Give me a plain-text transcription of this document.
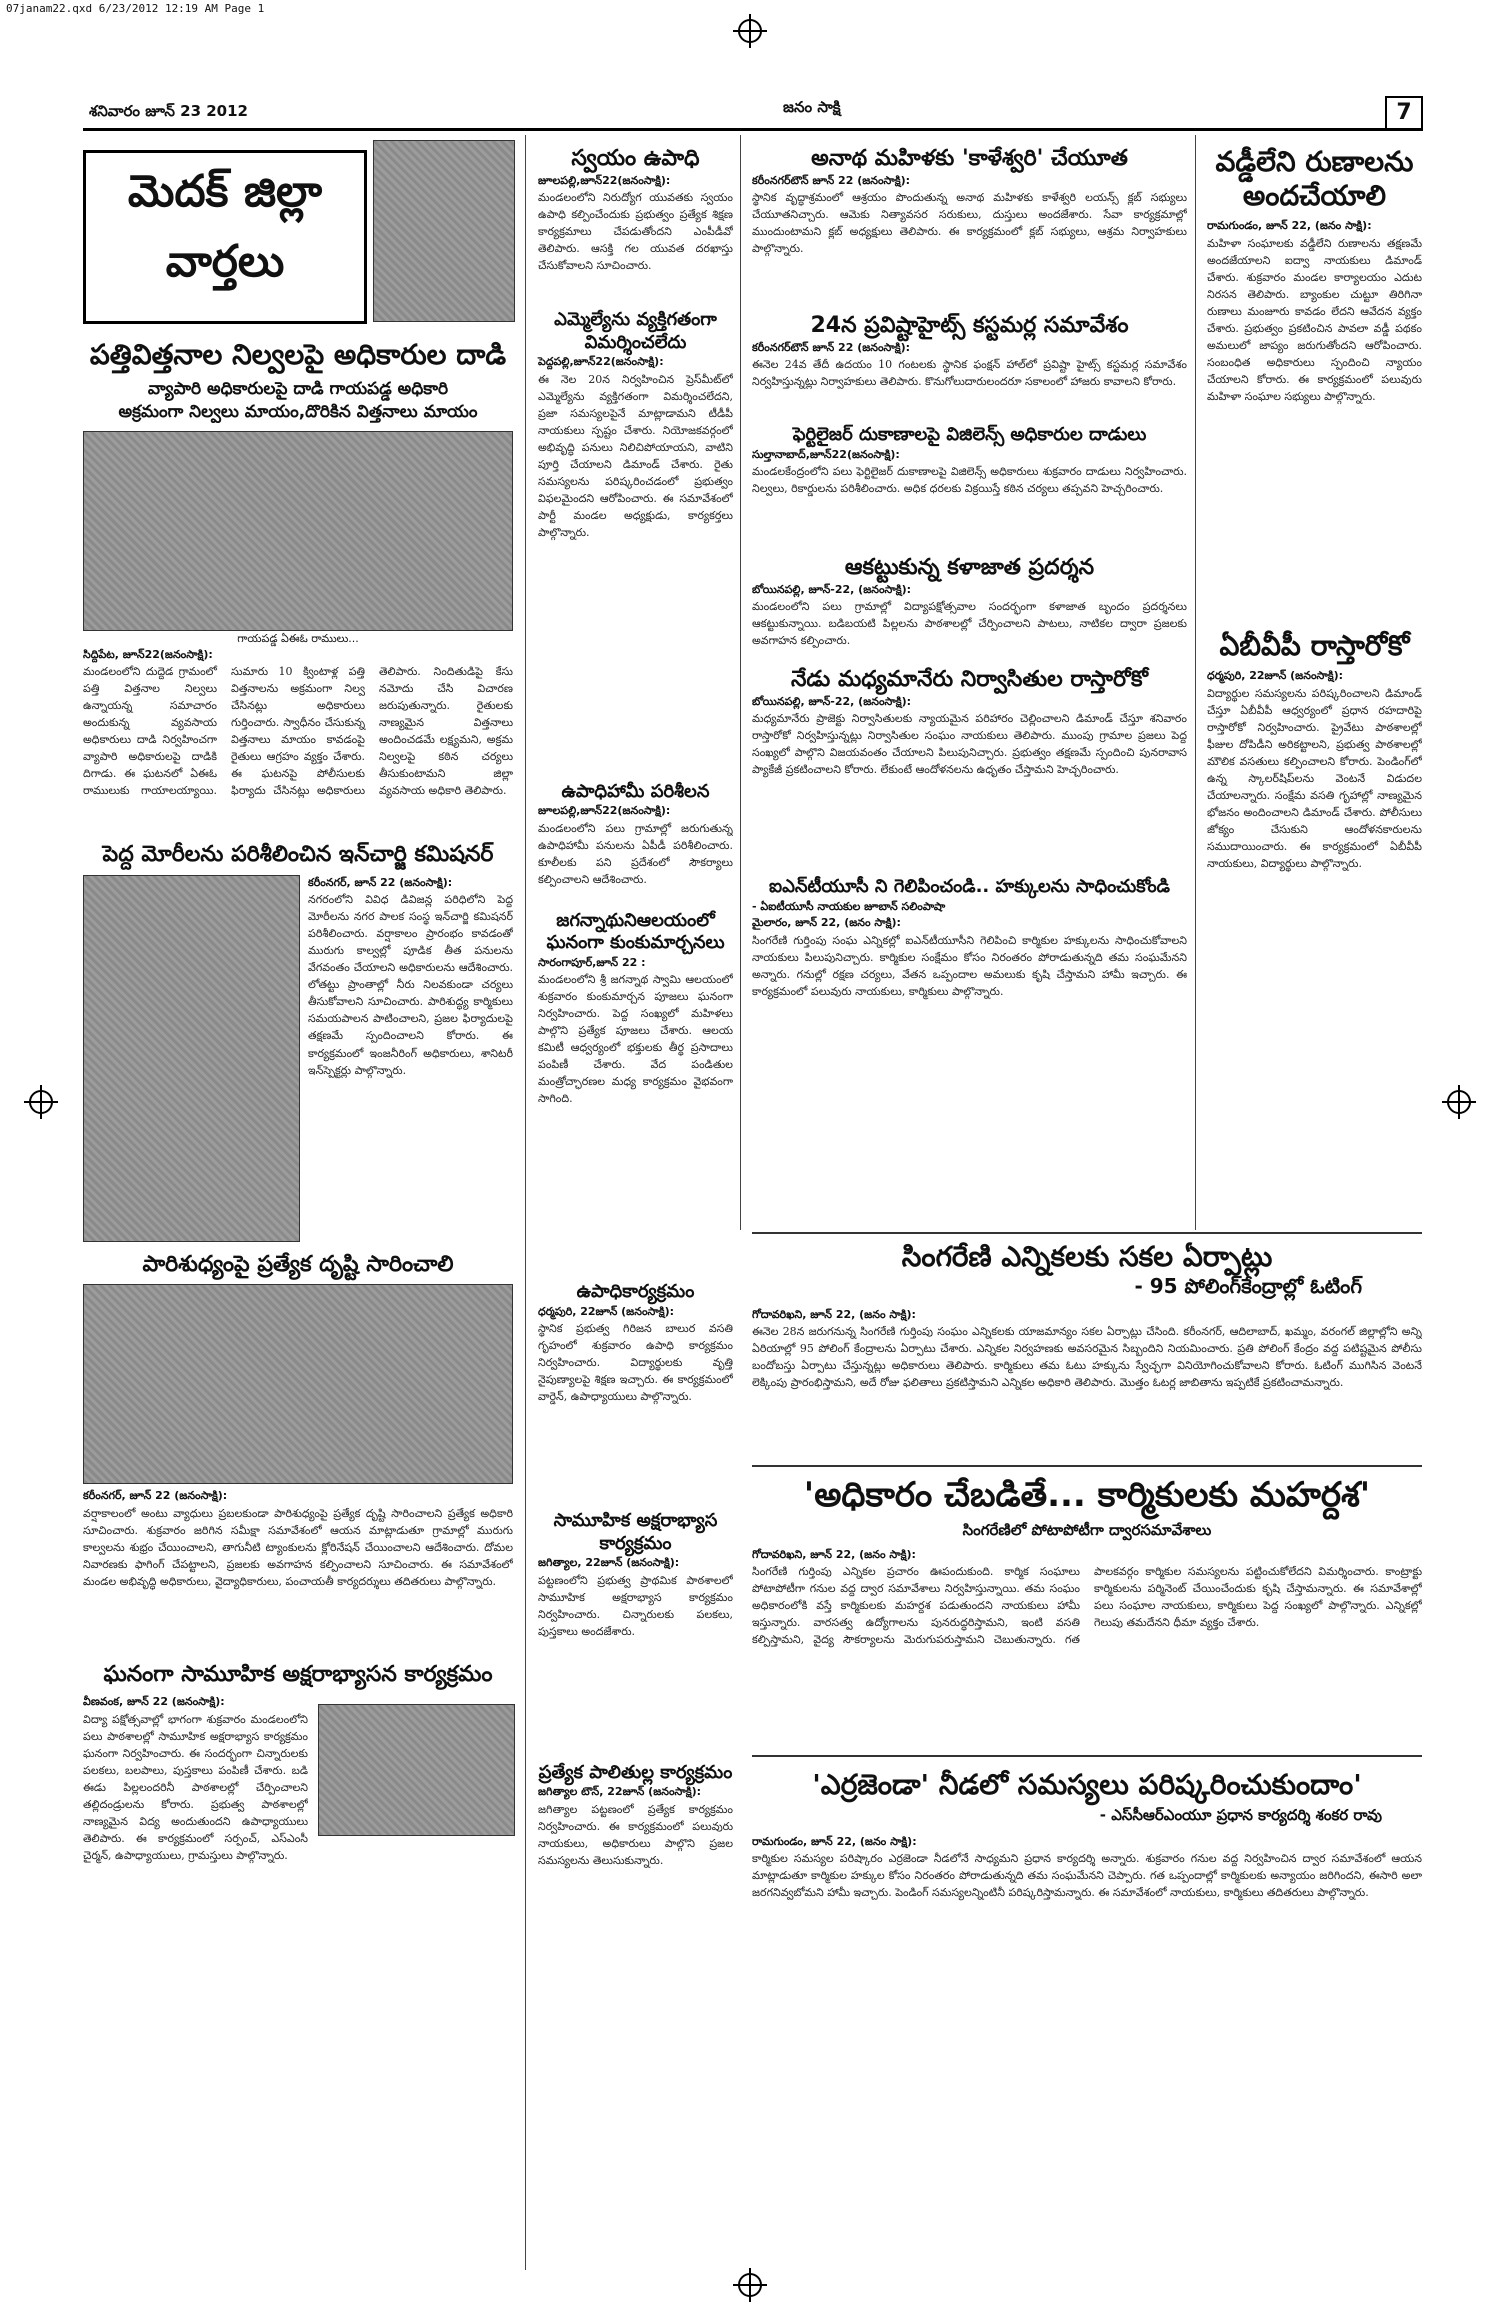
07janam22.qxd 6/23/2012 12:19 AM Page 1
శనివారం జూన్ 23 2012	జనం సాక్షి	7
మెదక్ జిల్లా వార్తలు
పత్తివిత్తనాల నిల్వలపై అధికారుల దాడి
వ్యాపారి అధికారులపై దాడి గాయపడ్డ అధికారి
అక్రమంగా నిల్వలు మాయం,దొరికిన విత్తనాలు మాయం
గాయపడ్డ ఏఈఓ రాములు...
సిద్దిపేట, జూన్22(జనంసాక్షి):
మండలంలోని దుద్దెడ గ్రామంలో పత్తి విత్తనాల నిల్వలు ఉన్నాయన్న సమాచారం అందుకున్న వ్యవసాయ అధికారులు దాడి నిర్వహించగా వ్యాపారి అధికారులపై దాడికి దిగాడు. ఈ ఘటనలో ఏఈఓ రాములుకు గాయాలయ్యాయి. సుమారు 10 క్వింటాళ్ల పత్తి విత్తనాలను అక్రమంగా నిల్వ చేసినట్లు అధికారులు గుర్తించారు. స్వాధీనం చేసుకున్న విత్తనాలు మాయం కావడంపై రైతులు ఆగ్రహం వ్యక్తం చేశారు. ఈ ఘటనపై పోలీసులకు ఫిర్యాదు చేసినట్లు అధికారులు తెలిపారు. నిందితుడిపై కేసు నమోదు చేసి విచారణ జరుపుతున్నారు. రైతులకు నాణ్యమైన విత్తనాలు అందించడమే లక్ష్యమని, అక్రమ నిల్వలపై కఠిన చర్యలు తీసుకుంటామని జిల్లా వ్యవసాయ అధికారి తెలిపారు.
పెద్ద మోరీలను పరిశీలించిన ఇన్‌చార్జి కమిషనర్
కరీంనగర్, జూన్ 22 (జనంసాక్షి):
నగరంలోని వివిధ డివిజన్ల పరిధిలోని పెద్ద మోరీలను నగర పాలక సంస్థ ఇన్‌చార్జి కమిషనర్ పరిశీలించారు. వర్షాకాలం ప్రారంభం కావడంతో మురుగు కాల్వల్లో పూడిక తీత పనులను వేగవంతం చేయాలని అధికారులను ఆదేశించారు. లోతట్టు ప్రాంతాల్లో నీరు నిలవకుండా చర్యలు తీసుకోవాలని సూచించారు. పారిశుద్ధ్య కార్మికులు సమయపాలన పాటించాలని, ప్రజల ఫిర్యాదులపై తక్షణమే స్పందించాలని కోరారు. ఈ కార్యక్రమంలో ఇంజనీరింగ్ అధికారులు, శానిటరీ ఇన్‌స్పెక్టర్లు పాల్గొన్నారు.
పారిశుధ్యంపై ప్రత్యేక దృష్టి సారించాలి
కరీంనగర్, జూన్ 22 (జనంసాక్షి):
వర్షాకాలంలో అంటు వ్యాధులు ప్రబలకుండా పారిశుధ్యంపై ప్రత్యేక దృష్టి సారించాలని ప్రత్యేక అధికారి సూచించారు. శుక్రవారం జరిగిన సమీక్షా సమావేశంలో ఆయన మాట్లాడుతూ గ్రామాల్లో మురుగు కాల్వలను శుభ్రం చేయించాలని, తాగునీటి ట్యాంకులను క్లోరినేషన్ చేయించాలని ఆదేశించారు. దోమల నివారణకు ఫాగింగ్ చేపట్టాలని, ప్రజలకు అవగాహన కల్పించాలని సూచించారు. ఈ సమావేశంలో మండల అభివృద్ధి అధికారులు, వైద్యాధికారులు, పంచాయతీ కార్యదర్శులు తదితరులు పాల్గొన్నారు.
ఘనంగా సామూహిక అక్షరాభ్యాసన కార్యక్రమం
వీణవంక, జూన్ 22 (జనంసాక్షి):
విద్యా పక్షోత్సవాల్లో భాగంగా శుక్రవారం మండలంలోని పలు పాఠశాలల్లో సామూహిక అక్షరాభ్యాస కార్యక్రమం ఘనంగా నిర్వహించారు. ఈ సందర్భంగా చిన్నారులకు పలకలు, బలపాలు, పుస్తకాలు పంపిణీ చేశారు. బడి ఈడు పిల్లలందరినీ పాఠశాలల్లో చేర్పించాలని తల్లిదండ్రులను కోరారు. ప్రభుత్వ పాఠశాలల్లో నాణ్యమైన విద్య అందుతుందని ఉపాధ్యాయులు తెలిపారు. ఈ కార్యక్రమంలో సర్పంచ్, ఎస్‌ఎంసీ చైర్మన్, ఉపాధ్యాయులు, గ్రామస్తులు పాల్గొన్నారు.
స్వయం ఉపాధి
జూలపల్లి,జూన్22(జనంసాక్షి):
మండలంలోని నిరుద్యోగ యువతకు స్వయం ఉపాధి కల్పించేందుకు ప్రభుత్వం ప్రత్యేక శిక్షణ కార్యక్రమాలు చేపడుతోందని ఎంపీడీవో తెలిపారు. ఆసక్తి గల యువత దరఖాస్తు చేసుకోవాలని సూచించారు.
ఎమ్మెల్యేను వ్యక్తిగతంగా విమర్శించలేదు
పెద్దపల్లి,జూన్22(జనంసాక్షి):
ఈ నెల 20న నిర్వహించిన ప్రెస్‌మీట్‌లో ఎమ్మెల్యేను వ్యక్తిగతంగా విమర్శించలేదని, ప్రజా సమస్యలపైనే మాట్లాడామని టీడీపీ నాయకులు స్పష్టం చేశారు. నియోజకవర్గంలో అభివృద్ధి పనులు నిలిచిపోయాయని, వాటిని పూర్తి చేయాలని డిమాండ్ చేశారు. రైతు సమస్యలను పరిష్కరించడంలో ప్రభుత్వం విఫలమైందని ఆరోపించారు. ఈ సమావేశంలో పార్టీ మండల అధ్యక్షుడు, కార్యకర్తలు పాల్గొన్నారు.
ఉపాధిహామీ పరిశీలన
జూలపల్లి,జూన్22(జనంసాక్షి):
మండలంలోని పలు గ్రామాల్లో జరుగుతున్న ఉపాధిహామీ పనులను ఏపీడీ పరిశీలించారు. కూలీలకు పని ప్రదేశంలో సౌకర్యాలు కల్పించాలని ఆదేశించారు.
జగన్నాథునిఆలయంలో ఘనంగా కుంకుమార్చనలు
సారంగాపూర్,జూన్ 22 :
మండలంలోని శ్రీ జగన్నాథ స్వామి ఆలయంలో శుక్రవారం కుంకుమార్చన పూజలు ఘనంగా నిర్వహించారు. పెద్ద సంఖ్యలో మహిళలు పాల్గొని ప్రత్యేక పూజలు చేశారు. ఆలయ కమిటీ ఆధ్వర్యంలో భక్తులకు తీర్థ ప్రసాదాలు పంపిణీ చేశారు. వేద పండితుల మంత్రోచ్ఛారణల మధ్య కార్యక్రమం వైభవంగా సాగింది.
ఉపాధికార్యక్రమం
ధర్మపురి, 22జూన్ (జనంసాక్షి):
స్థానిక ప్రభుత్వ గిరిజన బాలుర వసతి గృహంలో శుక్రవారం ఉపాధి కార్యక్రమం నిర్వహించారు. విద్యార్థులకు వృత్తి నైపుణ్యాలపై శిక్షణ ఇచ్చారు. ఈ కార్యక్రమంలో వార్డెన్, ఉపాధ్యాయులు పాల్గొన్నారు.
సామూహిక అక్షరాభ్యాస కార్యక్రమం
జగిత్యాల, 22జూన్ (జనంసాక్షి):
పట్టణంలోని ప్రభుత్వ ప్రాథమిక పాఠశాలలో సామూహిక అక్షరాభ్యాస కార్యక్రమం నిర్వహించారు. చిన్నారులకు పలకలు, పుస్తకాలు అందజేశారు.
ప్రత్యేక పాలితుల్ల కార్యక్రమం
జగిత్యాల టౌన్, 22జూన్ (జనంసాక్షి):
జగిత్యాల పట్టణంలో ప్రత్యేక కార్యక్రమం నిర్వహించారు. ఈ కార్యక్రమంలో పలువురు నాయకులు, అధికారులు పాల్గొని ప్రజల సమస్యలను తెలుసుకున్నారు.
అనాథ మహిళకు 'కాళేశ్వరి' చేయూత
కరీంనగర్‌టౌన్ జూన్ 22 (జనంసాక్షి):
స్థానిక వృద్ధాశ్రమంలో ఆశ్రయం పొందుతున్న అనాథ మహిళకు కాళేశ్వరి లయన్స్ క్లబ్ సభ్యులు చేయూతనిచ్చారు. ఆమెకు నిత్యావసర సరుకులు, దుస్తులు అందజేశారు. సేవా కార్యక్రమాల్లో ముందుంటామని క్లబ్ అధ్యక్షులు తెలిపారు. ఈ కార్యక్రమంలో క్లబ్ సభ్యులు, ఆశ్రమ నిర్వాహకులు పాల్గొన్నారు.
24న ప్రవిష్టాహైట్స్ కస్టమర్ల సమావేశం
కరీంనగర్‌టౌన్ జూన్ 22 (జనంసాక్షి):
ఈనెల 24వ తేదీ ఉదయం 10 గంటలకు స్థానిక ఫంక్షన్ హాల్‌లో ప్రవిష్టా హైట్స్ కస్టమర్ల సమావేశం నిర్వహిస్తున్నట్లు నిర్వాహకులు తెలిపారు. కొనుగోలుదారులందరూ సకాలంలో హాజరు కావాలని కోరారు.
ఫెర్టిలైజర్ దుకాణాలపై విజిలెన్స్ అధికారుల దాడులు
సుల్తానాబాద్,జూన్22(జనంసాక్షి):
మండలకేంద్రంలోని పలు ఫెర్టిలైజర్ దుకాణాలపై విజిలెన్స్ అధికారులు శుక్రవారం దాడులు నిర్వహించారు. నిల్వలు, రికార్డులను పరిశీలించారు. అధిక ధరలకు విక్రయిస్తే కఠిన చర్యలు తప్పవని హెచ్చరించారు.
ఆకట్టుకున్న కళాజాత ప్రదర్శన
బోయినపల్లి, జూన్-22, (జనంసాక్షి):
మండలంలోని పలు గ్రామాల్లో విద్యాపక్షోత్సవాల సందర్భంగా కళాజాత బృందం ప్రదర్శనలు ఆకట్టుకున్నాయి. బడిబయటి పిల్లలను పాఠశాలల్లో చేర్పించాలని పాటలు, నాటికల ద్వారా ప్రజలకు అవగాహన కల్పించారు.
నేడు మధ్యమానేరు నిర్వాసితుల రాస్తారోకో
బోయినపల్లి, జూన్-22, (జనంసాక్షి):
మధ్యమానేరు ప్రాజెక్టు నిర్వాసితులకు న్యాయమైన పరిహారం చెల్లించాలని డిమాండ్ చేస్తూ శనివారం రాస్తారోకో నిర్వహిస్తున్నట్లు నిర్వాసితుల సంఘం నాయకులు తెలిపారు. ముంపు గ్రామాల ప్రజలు పెద్ద సంఖ్యలో పాల్గొని విజయవంతం చేయాలని పిలుపునిచ్చారు. ప్రభుత్వం తక్షణమే స్పందించి పునరావాస ప్యాకేజీ ప్రకటించాలని కోరారు. లేకుంటే ఆందోళనలను ఉధృతం చేస్తామని హెచ్చరించారు.
ఐఎన్‌టీయూసీ ని గెలిపించండి.. హక్కులను సాధించుకోండి
- ఏఐటీయూసీ నాయకుల జూబాన్ సలింపాషా
మైలారం, జూన్ 22, (జనం సాక్షి):
సింగరేణి గుర్తింపు సంఘ ఎన్నికల్లో ఐఎన్‌టీయూసీని గెలిపించి కార్మికుల హక్కులను సాధించుకోవాలని నాయకులు పిలుపునిచ్చారు. కార్మికుల సంక్షేమం కోసం నిరంతరం పోరాడుతున్నది తమ సంఘమేనని అన్నారు. గనుల్లో రక్షణ చర్యలు, వేతన ఒప్పందాల అమలుకు కృషి చేస్తామని హామీ ఇచ్చారు. ఈ కార్యక్రమంలో పలువురు నాయకులు, కార్మికులు పాల్గొన్నారు.
వడ్డీలేని రుణాలను అందచేయాలి
రామగుండం, జూన్ 22, (జనం సాక్షి):
మహిళా సంఘాలకు వడ్డీలేని రుణాలను తక్షణమే అందజేయాలని ఐద్వా నాయకులు డిమాండ్ చేశారు. శుక్రవారం మండల కార్యాలయం ఎదుట నిరసన తెలిపారు. బ్యాంకుల చుట్టూ తిరిగినా రుణాలు మంజూరు కావడం లేదని ఆవేదన వ్యక్తం చేశారు. ప్రభుత్వం ప్రకటించిన పావలా వడ్డీ పథకం అమలులో జాప్యం జరుగుతోందని ఆరోపించారు. సంబంధిత అధికారులు స్పందించి న్యాయం చేయాలని కోరారు. ఈ కార్యక్రమంలో పలువురు మహిళా సంఘాల సభ్యులు పాల్గొన్నారు.
ఏబీవీపీ రాస్తారోకో
ధర్మపురి, 22జూన్ (జనంసాక్షి):
విద్యార్థుల సమస్యలను పరిష్కరించాలని డిమాండ్ చేస్తూ ఏబీవీపీ ఆధ్వర్యంలో ప్రధాన రహదారిపై రాస్తారోకో నిర్వహించారు. ప్రైవేటు పాఠశాలల్లో ఫీజుల దోపిడీని అరికట్టాలని, ప్రభుత్వ పాఠశాలల్లో మౌలిక వసతులు కల్పించాలని కోరారు. పెండింగ్‌లో ఉన్న స్కాలర్‌షిప్‌లను వెంటనే విడుదల చేయాలన్నారు. సంక్షేమ వసతి గృహాల్లో నాణ్యమైన భోజనం అందించాలని డిమాండ్ చేశారు. పోలీసులు జోక్యం చేసుకుని ఆందోళనకారులను సముదాయించారు. ఈ కార్యక్రమంలో ఏబీవీపీ నాయకులు, విద్యార్థులు పాల్గొన్నారు.
సింగరేణి ఎన్నికలకు సకల ఏర్పాట్లు
- 95 పోలింగ్‌కేంద్రాల్లో ఓటింగ్
గోదావరిఖని, జూన్ 22, (జనం సాక్షి):
ఈనెల 28న జరుగనున్న సింగరేణి గుర్తింపు సంఘం ఎన్నికలకు యాజమాన్యం సకల ఏర్పాట్లు చేసింది. కరీంనగర్, ఆదిలాబాద్, ఖమ్మం, వరంగల్ జిల్లాల్లోని అన్ని ఏరియాల్లో 95 పోలింగ్ కేంద్రాలను ఏర్పాటు చేశారు. ఎన్నికల నిర్వహణకు అవసరమైన సిబ్బందిని నియమించారు. ప్రతి పోలింగ్ కేంద్రం వద్ద పటిష్టమైన పోలీసు బందోబస్తు ఏర్పాటు చేస్తున్నట్లు అధికారులు తెలిపారు. కార్మికులు తమ ఓటు హక్కును స్వేచ్ఛగా వినియోగించుకోవాలని కోరారు. ఓటింగ్ ముగిసిన వెంటనే లెక్కింపు ప్రారంభిస్తామని, అదే రోజు ఫలితాలు ప్రకటిస్తామని ఎన్నికల అధికారి తెలిపారు. మొత్తం ఓటర్ల జాబితాను ఇప్పటికే ప్రకటించామన్నారు.
'అధికారం చేబడితే... కార్మికులకు మహర్దశ'
సింగరేణిలో పోటాపోటీగా ద్వారసమావేశాలు
గోదావరిఖని, జూన్ 22, (జనం సాక్షి):
సింగరేణి గుర్తింపు ఎన్నికల ప్రచారం ఊపందుకుంది. కార్మిక సంఘాలు పోటాపోటీగా గనుల వద్ద ద్వార సమావేశాలు నిర్వహిస్తున్నాయి. తమ సంఘం అధికారంలోకి వస్తే కార్మికులకు మహర్దశ పడుతుందని నాయకులు హామీ ఇస్తున్నారు. వారసత్వ ఉద్యోగాలను పునరుద్ధరిస్తామని, ఇంటి వసతి కల్పిస్తామని, వైద్య సౌకర్యాలను మెరుగుపరుస్తామని చెబుతున్నారు. గత పాలకవర్గం కార్మికుల సమస్యలను పట్టించుకోలేదని విమర్శించారు. కాంట్రాక్టు కార్మికులను పర్మినెంట్ చేయించేందుకు కృషి చేస్తామన్నారు. ఈ సమావేశాల్లో పలు సంఘాల నాయకులు, కార్మికులు పెద్ద సంఖ్యలో పాల్గొన్నారు. ఎన్నికల్లో గెలుపు తమదేనని ధీమా వ్యక్తం చేశారు.
'ఎర్రజెండా' నీడలో సమస్యలు పరిష్కరించుకుందాం'
- ఎస్‌సీఆర్‌ఎంయూ ప్రధాన కార్యదర్శి శంకర రావు
రామగుండం, జూన్ 22, (జనం సాక్షి):
కార్మికుల సమస్యల పరిష్కారం ఎర్రజెండా నీడలోనే సాధ్యమని ప్రధాన కార్యదర్శి అన్నారు. శుక్రవారం గనుల వద్ద నిర్వహించిన ద్వార సమావేశంలో ఆయన మాట్లాడుతూ కార్మికుల హక్కుల కోసం నిరంతరం పోరాడుతున్నది తమ సంఘమేనని చెప్పారు. గత ఒప్పందాల్లో కార్మికులకు అన్యాయం జరిగిందని, ఈసారి అలా జరగనివ్వబోమని హామీ ఇచ్చారు. పెండింగ్ సమస్యలన్నింటినీ పరిష్కరిస్తామన్నారు. ఈ సమావేశంలో నాయకులు, కార్మికులు తదితరులు పాల్గొన్నారు.
